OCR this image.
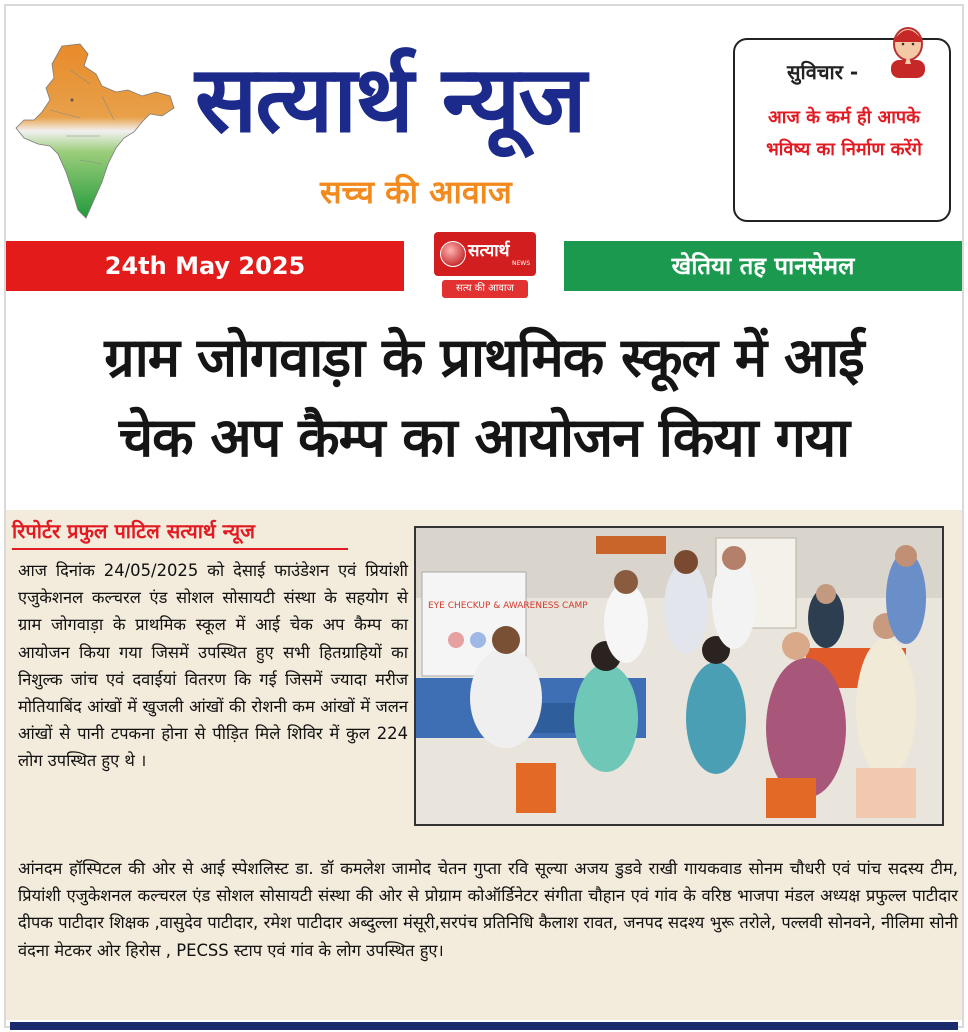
सत्यार्थ न्यूज
सच्च की आवाज
सुविचार -
आज के कर्म ही आपके भविष्य का निर्माण करेंगे
24th May 2025
सत्यार्थ
NEWS
सत्य की आवाज
खेतिया तह पानसेमल
ग्राम जोगवाड़ा के प्राथमिक स्कूल में आई
चेक अप कैम्प का आयोजन किया गया
रिपोर्टर प्रफुल पाटिल सत्यार्थ न्यूज
आज दिनांक 24/05/2025 को देसाई फाउंडेशन एवं प्रियांशी एजुकेशनल कल्चरल एंड सोशल सोसायटी संस्था के सहयोग से ग्राम जोगवाड़ा के प्राथमिक स्कूल में आई चेक अप कैम्प का आयोजन किया गया जिसमें उपस्थित हुए सभी हितग्राहियों का निशुल्क जांच एवं दवाईयां वितरण कि गई जिसमें ज्यादा मरीज मोतियाबिंद आंखों में खुजली आंखों की रोशनी कम आंखों में जलन आंखों से पानी टपकना होना से पीड़ित मिले शिविर में कुल 224 लोग उपस्थित हुए थे ।
EYE CHECKUP & AWARENESS CAMP
आंनदम हॉस्पिटल की ओर से आई स्पेशलिस्ट डा. डॉ कमलेश जामोद चेतन गुप्ता रवि सूल्या अजय डुडवे राखी गायकवाड सोनम चौधरी एवं पांच सदस्य टीम, प्रियांशी एजुकेशनल कल्चरल एंड सोशल सोसायटी संस्था की ओर से प्रोग्राम कोऑर्डिनेटर संगीता चौहान एवं गांव के वरिष्ठ भाजपा मंडल अध्यक्ष प्रफुल्ल पाटीदार दीपक पाटीदार शिक्षक ,वासुदेव पाटीदार, रमेश पाटीदार अब्दुल्ला मंसूरी,सरपंच प्रतिनिधि कैलाश रावत, जनपद सदश्य भुरू तरोले, पल्लवी सोनवने, नीलिमा सोनी वंदना मेटकर ओर हिरोस , PECSS स्टाप एवं गांव के लोग उपस्थित हुए।
